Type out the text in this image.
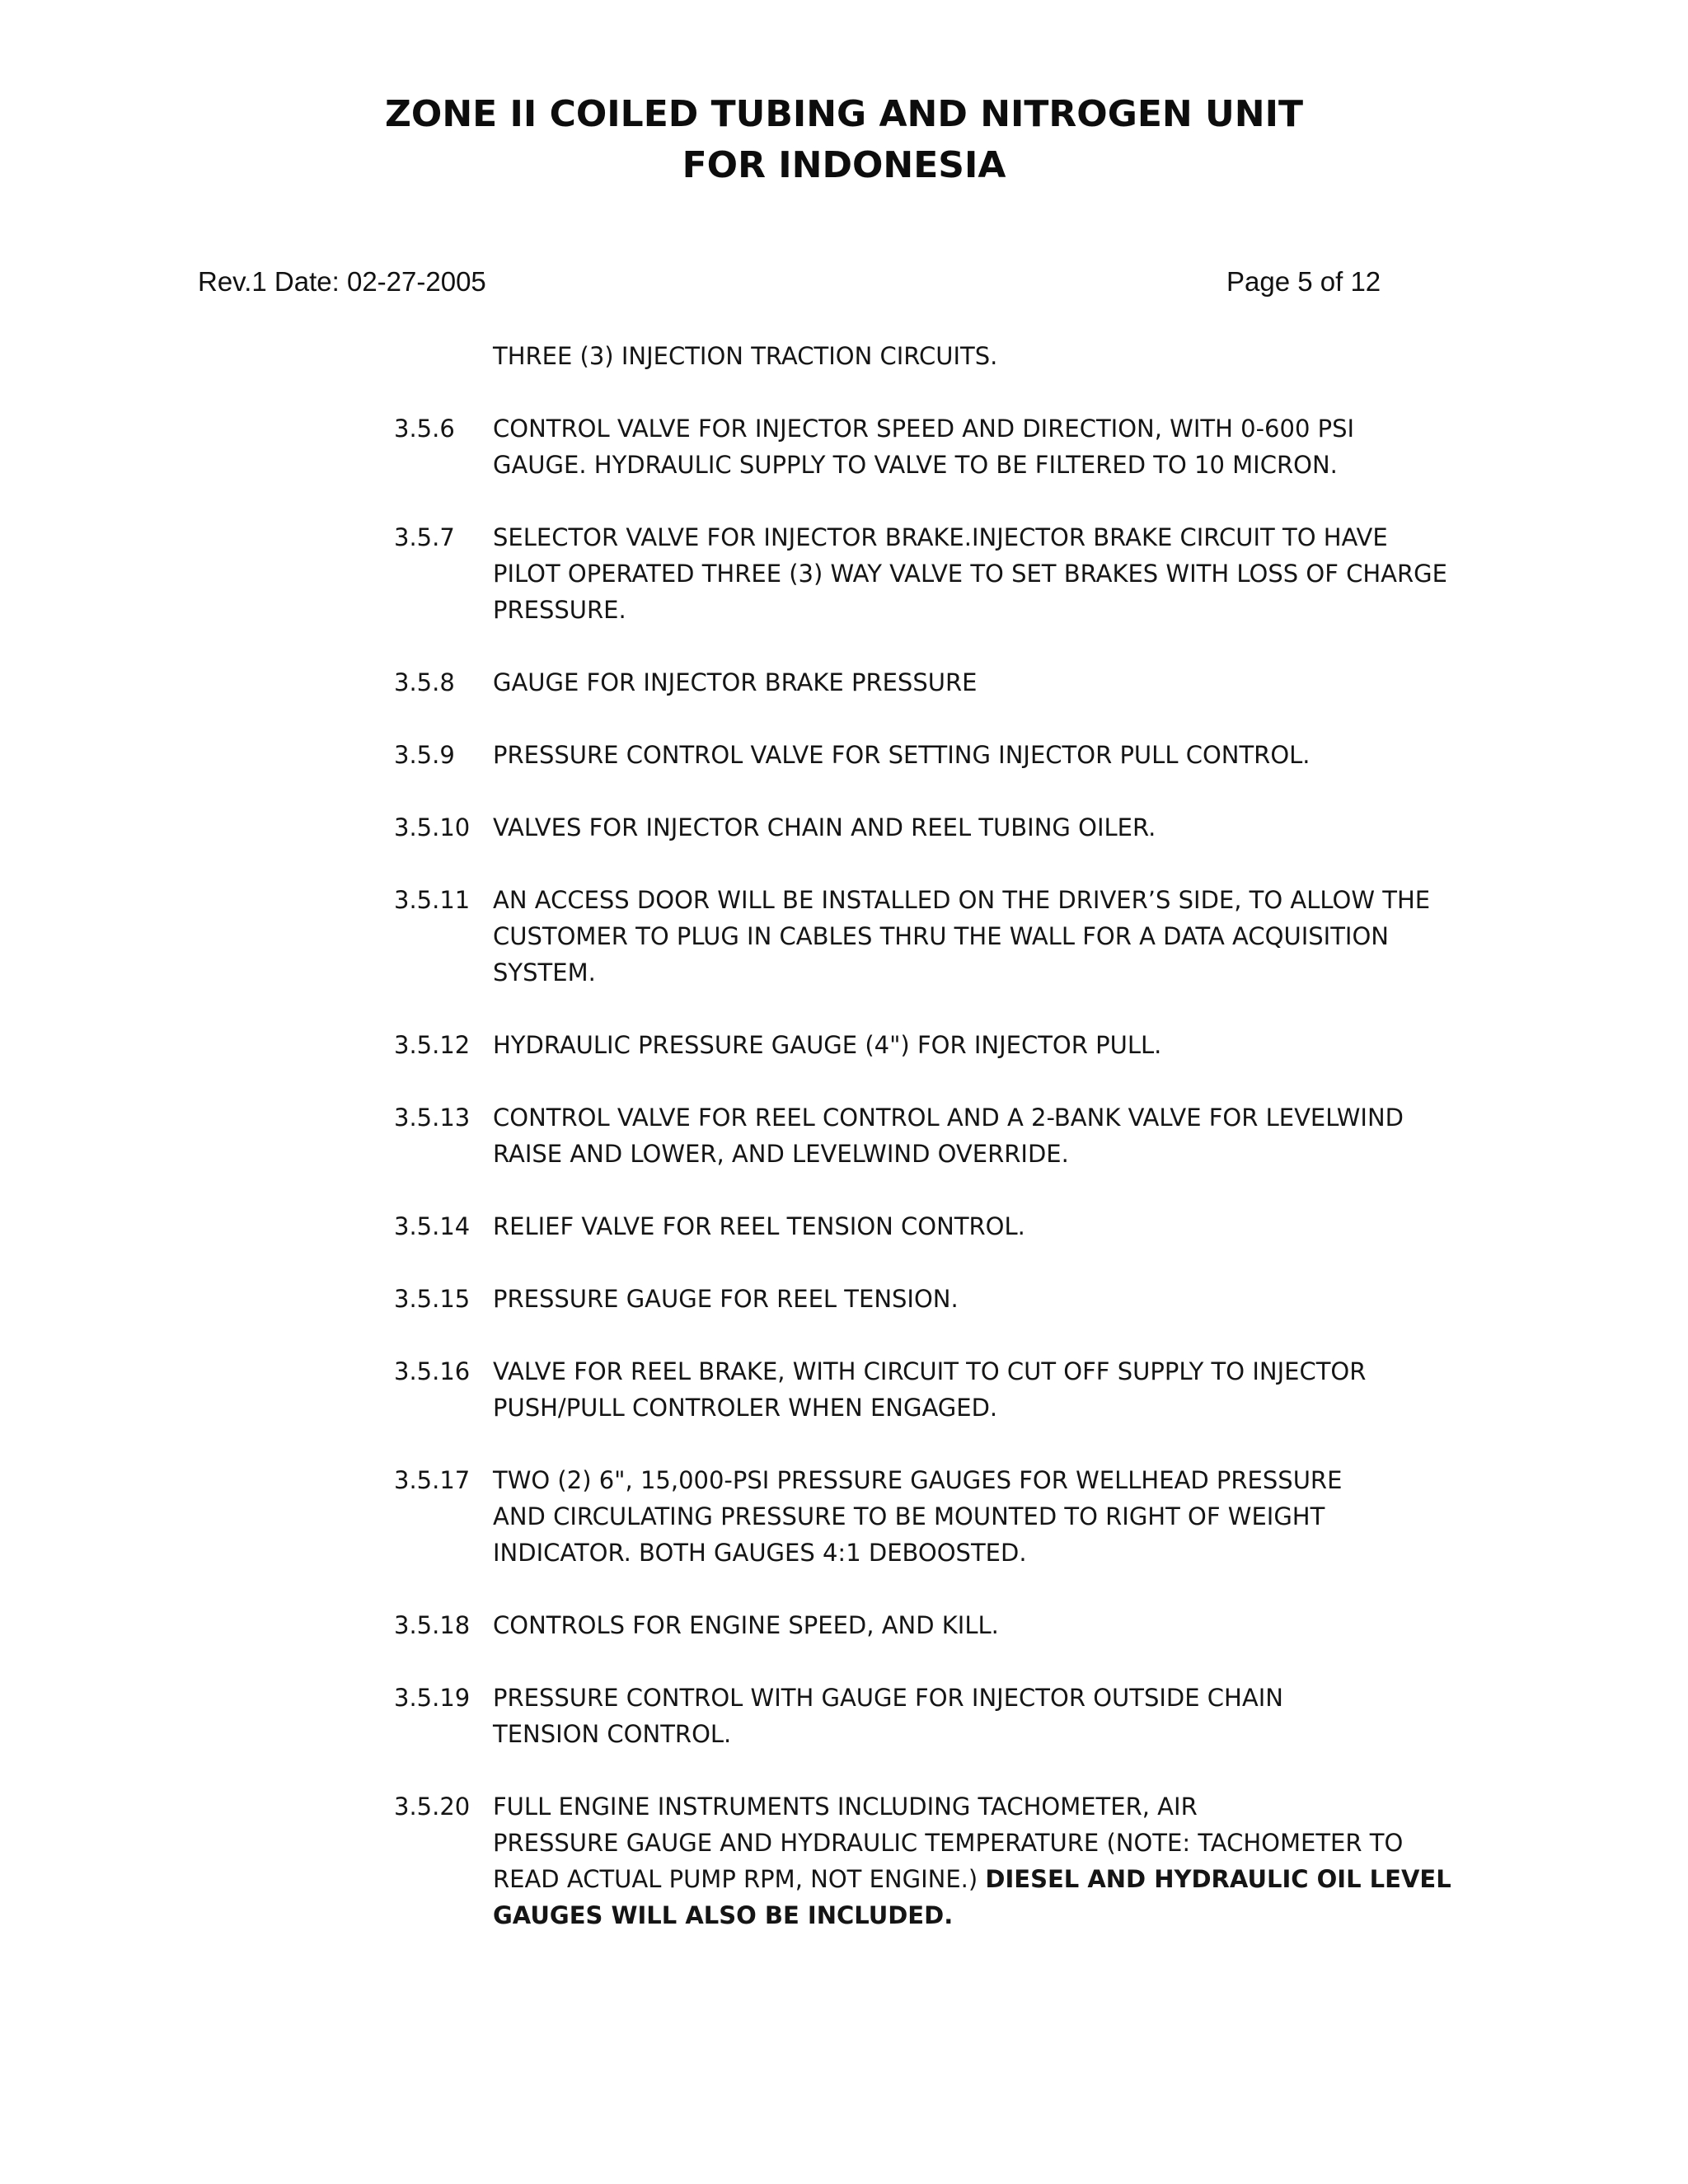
ZONE II COILED TUBING AND NITROGEN UNIT
FOR INDONESIA
Rev.1 Date: 02-27-2005	Page 5 of 12
THREE (3) INJECTION TRACTION CIRCUITS.
3.5.6 CONTROL VALVE FOR INJECTOR SPEED AND DIRECTION, WITH 0-600 PSI
GAUGE. HYDRAULIC SUPPLY TO VALVE TO BE FILTERED TO 10 MICRON.
3.5.7 SELECTOR VALVE FOR INJECTOR BRAKE.INJECTOR BRAKE CIRCUIT TO HAVE
PILOT OPERATED THREE (3) WAY VALVE TO SET BRAKES WITH LOSS OF CHARGE
PRESSURE.
3.5.8 GAUGE FOR INJECTOR BRAKE PRESSURE
3.5.9 PRESSURE CONTROL VALVE FOR SETTING INJECTOR PULL CONTROL.
3.5.10 VALVES FOR INJECTOR CHAIN AND REEL TUBING OILER.
3.5.11 AN ACCESS DOOR WILL BE INSTALLED ON THE DRIVER’S SIDE, TO ALLOW THE
CUSTOMER TO PLUG IN CABLES THRU THE WALL FOR A DATA ACQUISITION
SYSTEM.
3.5.12 HYDRAULIC PRESSURE GAUGE (4") FOR INJECTOR PULL.
3.5.13 CONTROL VALVE FOR REEL CONTROL AND A 2-BANK VALVE FOR LEVELWIND
RAISE AND LOWER, AND LEVELWIND OVERRIDE.
3.5.14 RELIEF VALVE FOR REEL TENSION CONTROL.
3.5.15 PRESSURE GAUGE FOR REEL TENSION.
3.5.16 VALVE FOR REEL BRAKE, WITH CIRCUIT TO CUT OFF SUPPLY TO INJECTOR
PUSH/PULL CONTROLER WHEN ENGAGED.
3.5.17 TWO (2) 6", 15,000-PSI PRESSURE GAUGES FOR WELLHEAD PRESSURE
AND CIRCULATING PRESSURE TO BE MOUNTED TO RIGHT OF WEIGHT
INDICATOR. BOTH GAUGES 4:1 DEBOOSTED.
3.5.18 CONTROLS FOR ENGINE SPEED, AND KILL.
3.5.19 PRESSURE CONTROL WITH GAUGE FOR INJECTOR OUTSIDE CHAIN
TENSION CONTROL.
3.5.20 FULL ENGINE INSTRUMENTS INCLUDING TACHOMETER, AIR
PRESSURE GAUGE AND HYDRAULIC TEMPERATURE (NOTE: TACHOMETER TO
READ ACTUAL PUMP RPM, NOT ENGINE.) DIESEL AND HYDRAULIC OIL LEVEL
GAUGES WILL ALSO BE INCLUDED.
